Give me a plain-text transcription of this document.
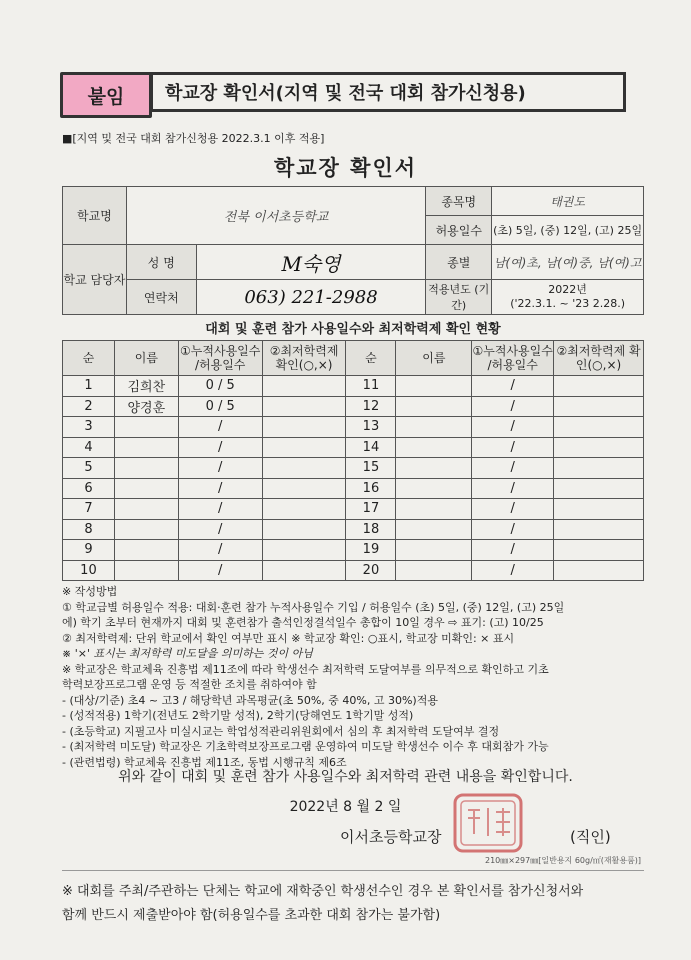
붙임	학교장 확인서(지역 및 전국 대회 참가신청용)
■[지역 및 전국 대회 참가신청용 2022.3.1 이후 적용]
학교장 확인서
학교명	전북 이서초등학교		종목명	태권도
			허용일수	(초) 5일, (중) 12일, (고) 25일
학교 담당자	성 명	M숙영	종별	남(여)초, 남(여)중, 남(여)고
	연락처	063) 221-2988	적용년도 (기간)	2022년
('22.3.1. ~ '23 2.28.)
대회 및 훈련 참가 사용일수와 최저학력제 확인 현황
순	이름	①누적사용일수 /허용일수	②최저학력제 확인(○,×)	순	이름	①누적사용일수 /허용일수	②최저학력제 확인(○,×)
1	김희찬	0 / 5		11		/	
2	양경훈	0 / 5		12		/	
3		/		13		/	
4		/		14		/	
5		/		15		/	
6		/		16		/	
7		/		17		/	
8		/		18		/	
9		/		19		/	
10		/		20		/	

※ 작성방법

① 학교급별 허용일수 적용: 대회·훈련 참가 누적사용일수 기입 / 허용일수 (초) 5일, (중) 12일, (고) 25일

에) 학기 초부터 현재까지 대회 및 훈련참가 출석인정결석일수 총합이 10일 경우 ⇨ 표기: (고) 10/25

② 최저학력제: 단위 학교에서 확인 여부만 표시 ※ 학교장 확인: ○표시, 학교장 미확인: × 표시

※ '×' 표시는 최저학력 미도달을 의미하는 것이 아님

※ 학교장은 학교체육 진흥법 제11조에 따라 학생선수 최저학력 도달여부를 의무적으로 확인하고 기초

학력보장프로그램 운영 등 적절한 조치를 취하여야 함

- (대상/기준) 초4 ~ 고3 / 해당학년 과목평균(초 50%, 중 40%, 고 30%)적용

- (성적적용) 1학기(전년도 2학기말 성적), 2학기(당해연도 1학기말 성적)

- (초등학교) 지필고사 미실시교는 학업성적관리위원회에서 심의 후 최저학력 도달여부 결정

- (최저학력 미도달) 학교장은 기초학력보장프로그램 운영하여 미도달 학생선수 이수 후 대회참가 가능

- (관련법령) 학교체육 진흥법 제11조, 동법 시행규칙 제6조

위와 같이 대회 및 훈련 참가 사용일수와 최저학력 관련 내용을 확인합니다.
2022년 8 월 2 일
이서초등학교장	(직인)
210㎜×297㎜[일반용지 60g/㎡(재활용품)]

※ 대회를 주최/주관하는 단체는 학교에 재학중인 학생선수인 경우 본 확인서를 참가신청서와

함께 반드시 제출받아야 함(허용일수를 초과한 대회 참가는 불가함)
